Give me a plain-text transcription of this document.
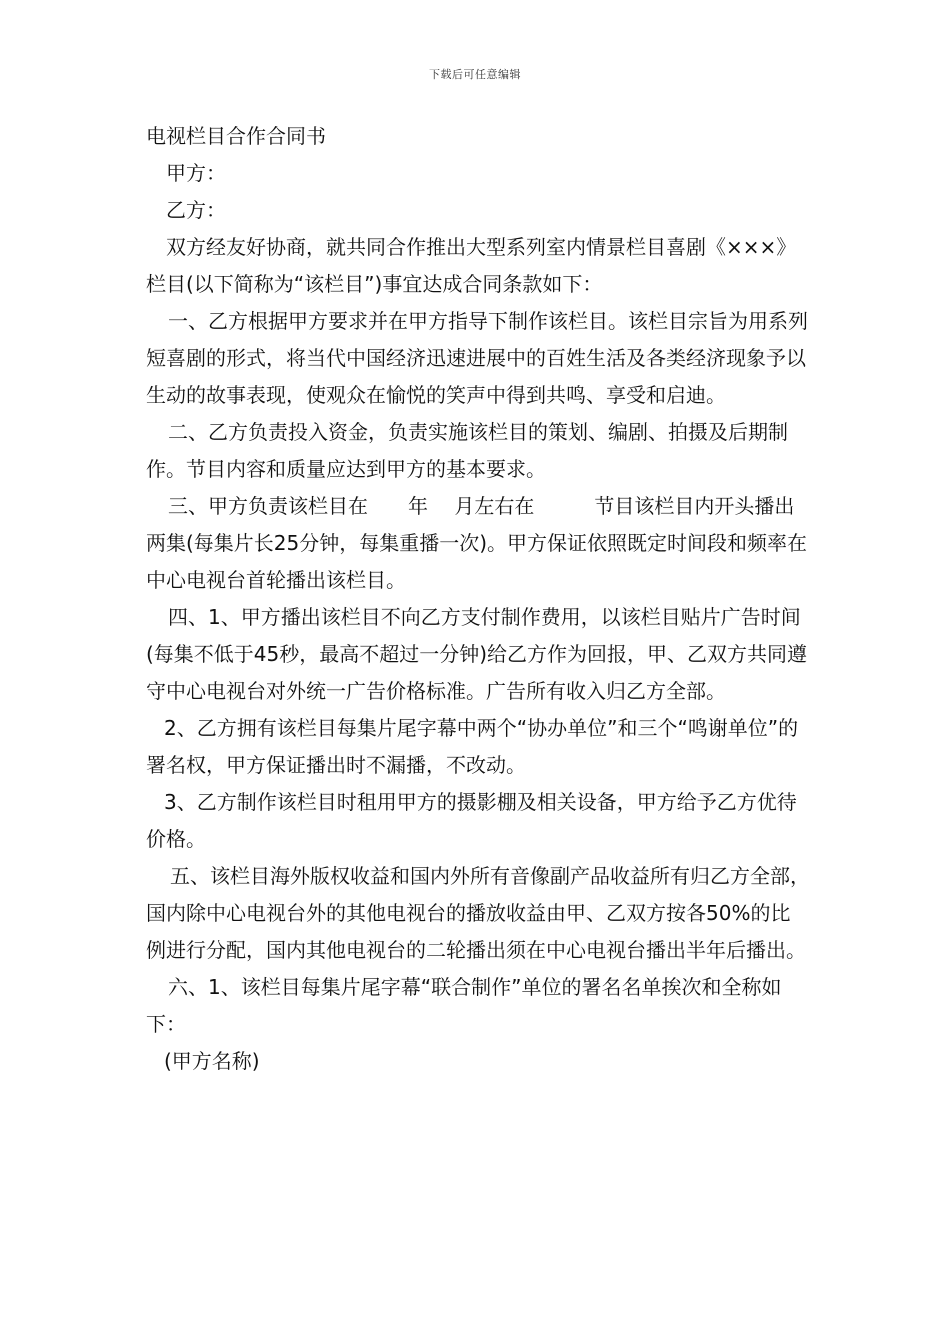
下载后可任意编辑

电视栏目合作合同书

甲方：

乙方：

双方经友好协商，就共同合作推出大型系列室内情景栏目喜剧《×××》栏目(以下简称为“该栏目”)事宜达成合同条款如下：

一、乙方根据甲方要求并在甲方指导下制作该栏目。该栏目宗旨为用系列短喜剧的形式，将当代中国经济迅速进展中的百姓生活及各类经济现象予以生动的故事表现，使观众在愉悦的笑声中得到共鸣、享受和启迪。

二、乙方负责投入资金，负责实施该栏目的策划、编剧、拍摄及后期制作。节目内容和质量应达到甲方的基本要求。

三、甲方负责该栏目在　　年　 月左右在　　　节目该栏目内开头播出两集(每集片长25分钟，每集重播一次)。甲方保证依照既定时间段和频率在中心电视台首轮播出该栏目。

四、1、甲方播出该栏目不向乙方支付制作费用，以该栏目贴片广告时间(每集不低于45秒，最高不超过一分钟)给乙方作为回报，甲、乙双方共同遵守中心电视台对外统一广告价格标准。广告所有收入归乙方全部。

2、乙方拥有该栏目每集片尾字幕中两个“协办单位”和三个“鸣谢单位”的署名权，甲方保证播出时不漏播，不改动。

3、乙方制作该栏目时租用甲方的摄影棚及相关设备，甲方给予乙方优待价格。

五、该栏目海外版权收益和国内外所有音像副产品收益所有归乙方全部，国内除中心电视台外的其他电视台的播放收益由甲、乙双方按各50%的比例进行分配，国内其他电视台的二轮播出须在中心电视台播出半年后播出。

六、1、该栏目每集片尾字幕“联合制作”单位的署名名单挨次和全称如下：

(甲方名称)
